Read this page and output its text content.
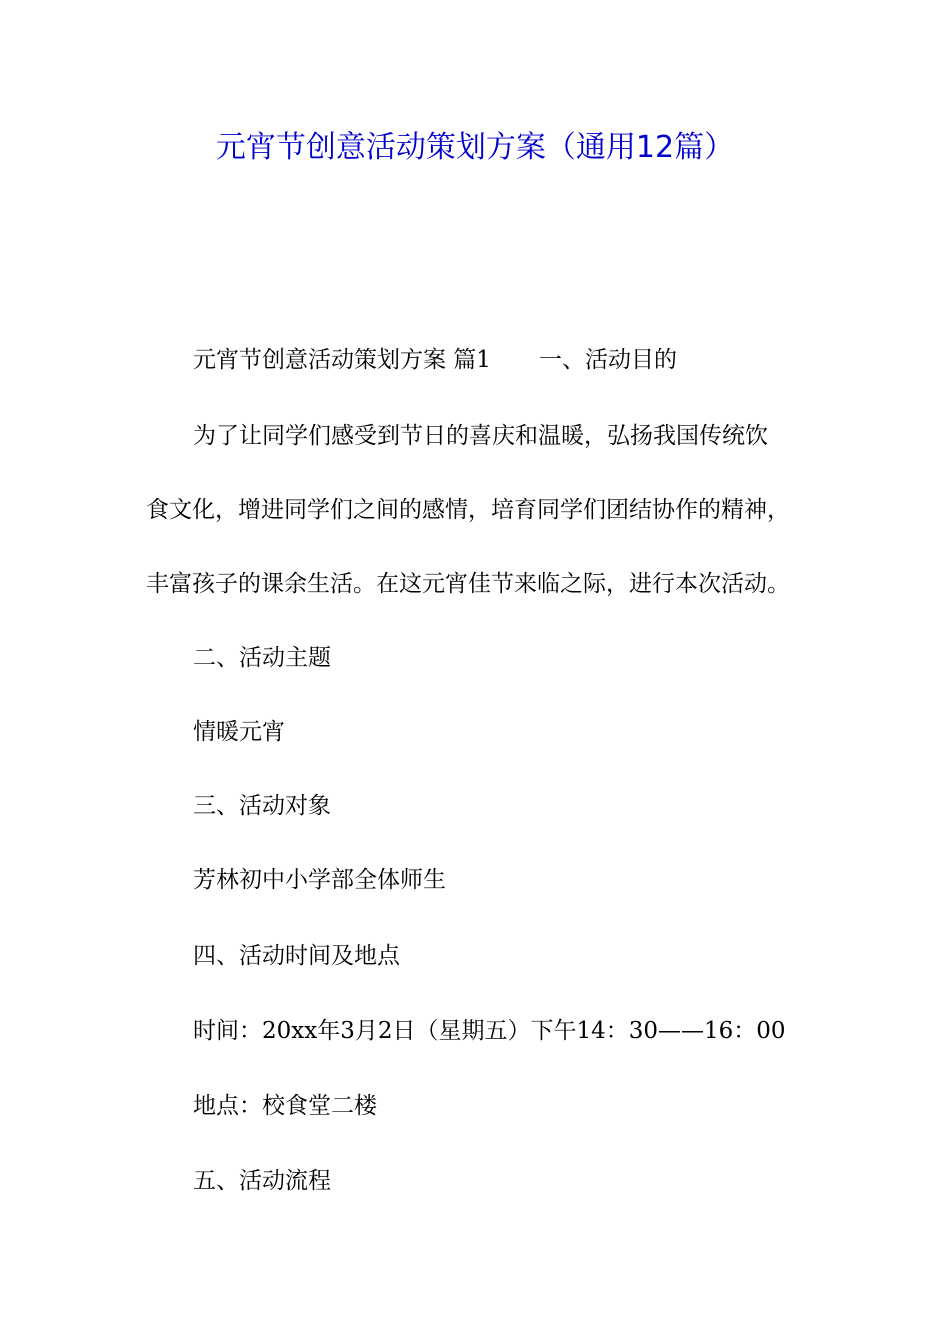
元宵节创意活动策划方案（通用12篇）
元宵节创意活动策划方案 篇1 一、活动目的
为了让同学们感受到节日的喜庆和温暖，弘扬我国传统饮
食文化，增进同学们之间的感情，培育同学们团结协作的精神，
丰富孩子的课余生活。在这元宵佳节来临之际，进行本次活动。
二、活动主题
情暖元宵
三、活动对象
芳林初中小学部全体师生
四、活动时间及地点
时间：20xx年3月2日（星期五）下午14：30——16：00
地点：校食堂二楼
五、活动流程
